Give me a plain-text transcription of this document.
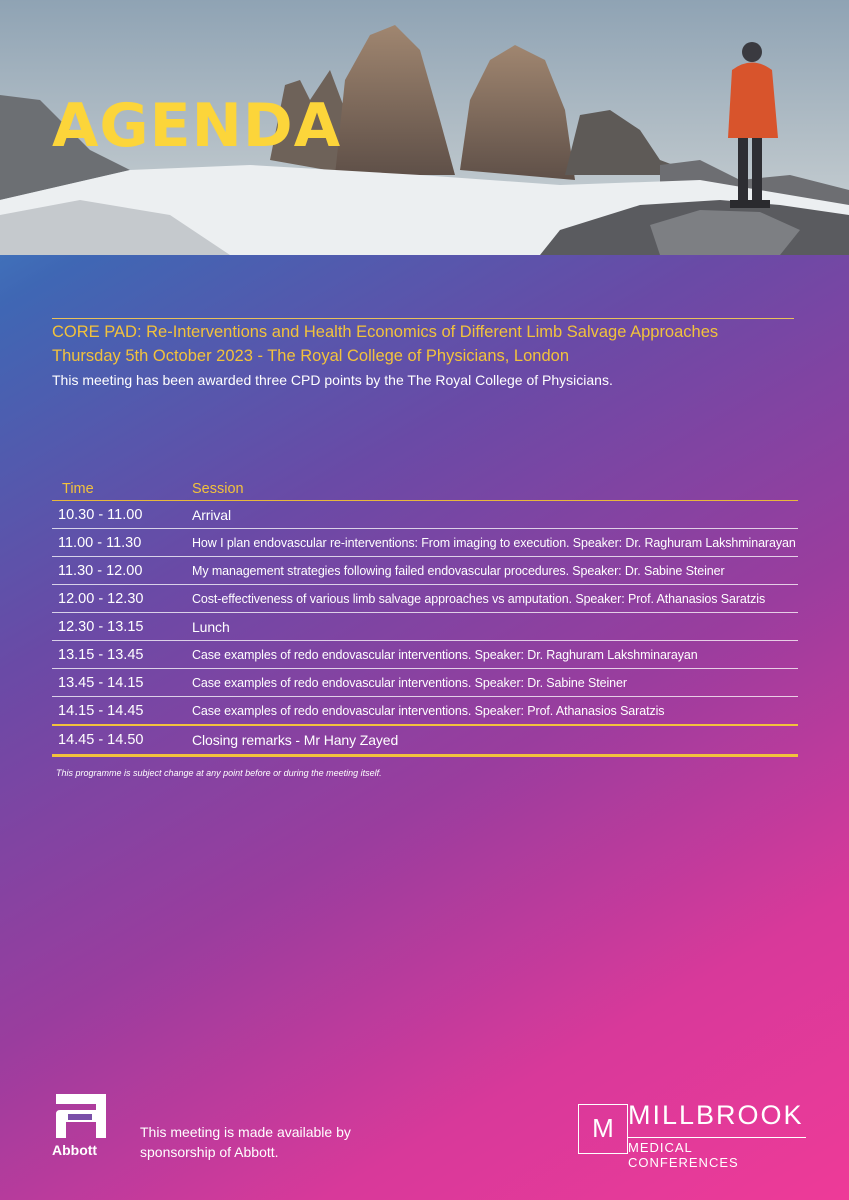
AGENDA

CORE PAD: Re-Interventions and Health Economics of Different Limb Salvage Approaches

Thursday 5th October 2023 - The Royal College of Physicians, London

This meeting has been awarded three CPD points by the The Royal College of Physicians.

Time	Session
10.30 - 11.00	Arrival
11.00 - 11.30	How I plan endovascular re-interventions: From imaging to execution. Speaker: Dr. Raghuram Lakshminarayan
11.30 - 12.00	My management strategies following failed endovascular procedures. Speaker: Dr. Sabine Steiner
12.00 - 12.30	Cost-effectiveness of various limb salvage approaches vs amputation. Speaker: Prof. Athanasios Saratzis
12.30 - 13.15	Lunch
13.15 - 13.45	Case examples of redo endovascular interventions. Speaker: Dr. Raghuram Lakshminarayan
13.45 - 14.15	Case examples of redo endovascular interventions. Speaker: Dr. Sabine Steiner
14.15 - 14.45	Case examples of redo endovascular interventions. Speaker: Prof. Athanasios Saratzis
14.45 - 14.50	Closing remarks - Mr Hany Zayed

This programme is subject change at any point before or during the meeting itself.

Abbott

This meeting is made available by sponsorship of Abbott.

M MILLBROOK
MEDICAL CONFERENCES
